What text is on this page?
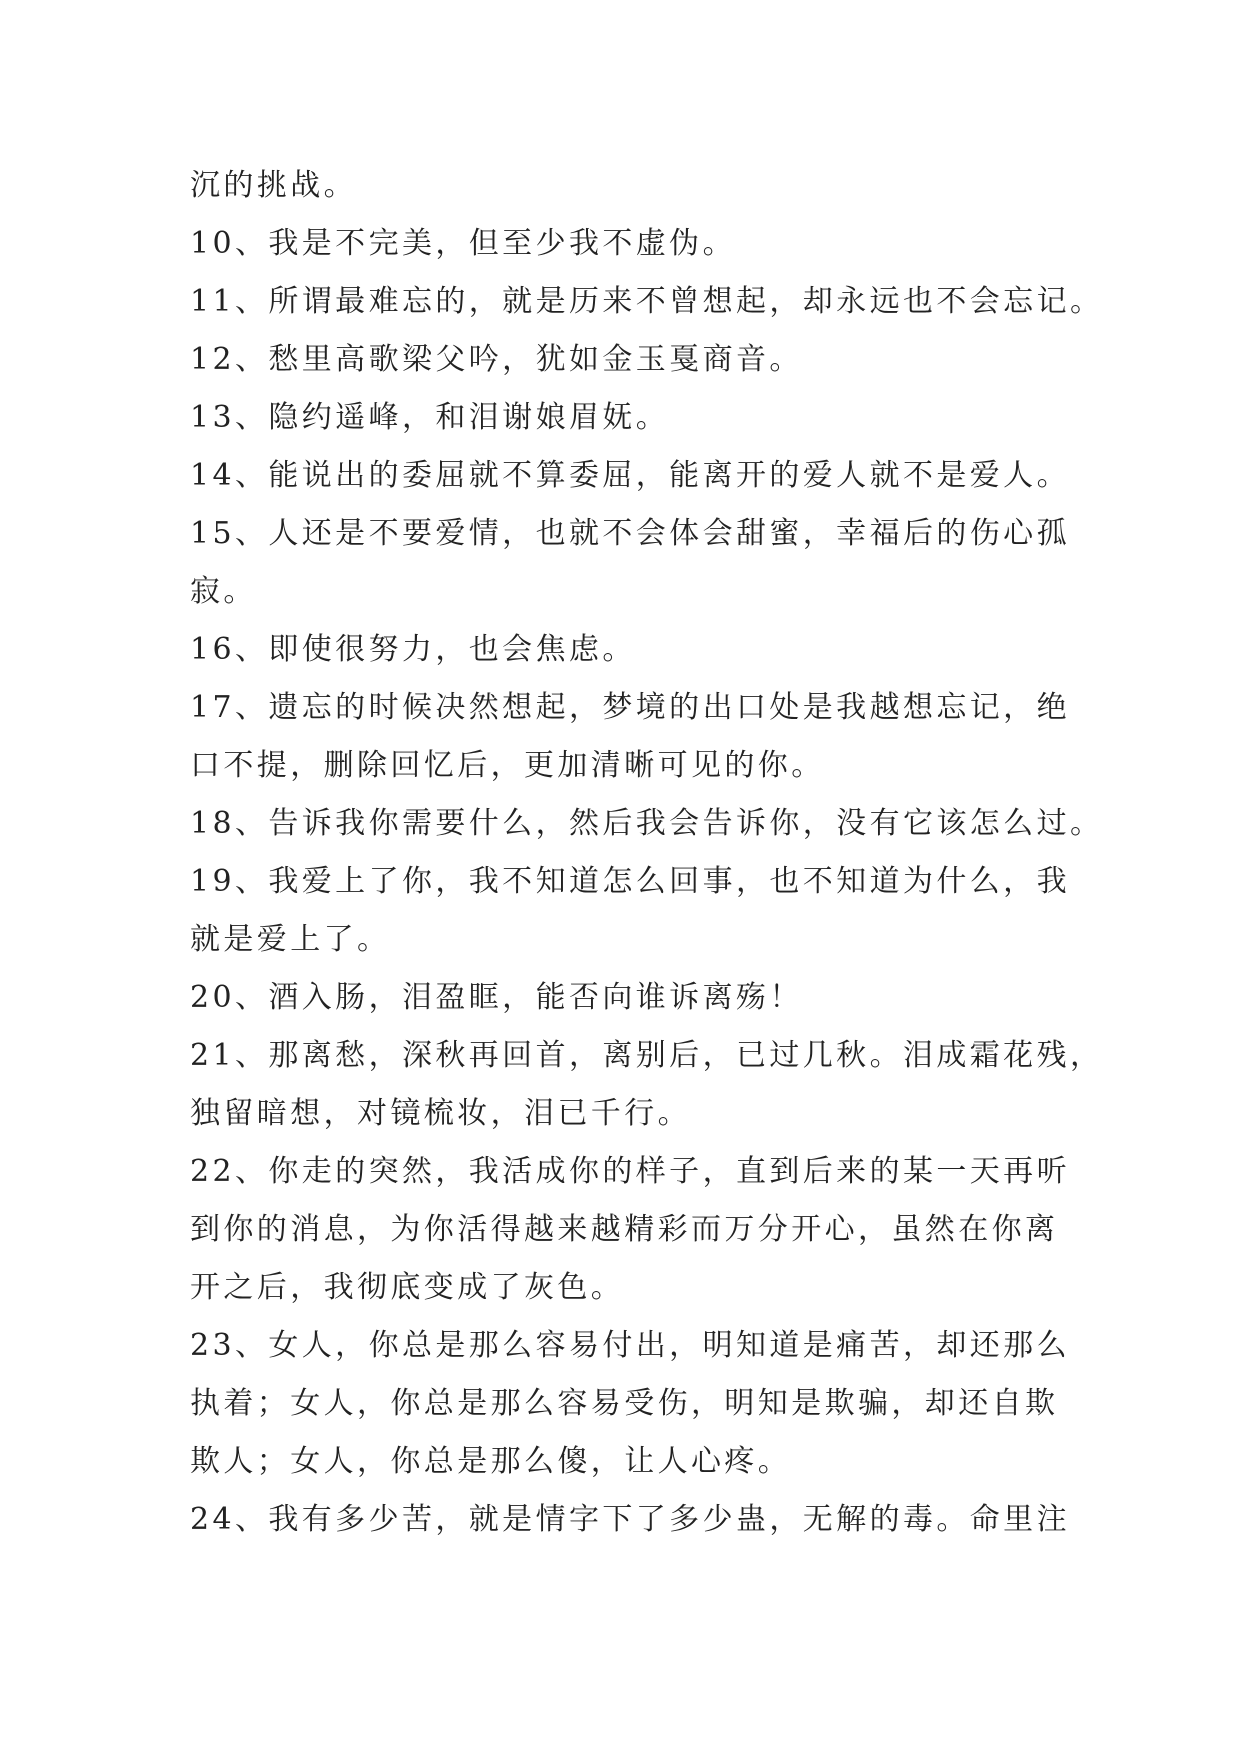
沉的挑战。
10、我是不完美，但至少我不虚伪。
11、所谓最难忘的，就是历来不曾想起，却永远也不会忘记。
12、愁里高歌梁父吟，犹如金玉戛商音。
13、隐约遥峰，和泪谢娘眉妩。
14、能说出的委屈就不算委屈，能离开的爱人就不是爱人。
15、人还是不要爱情，也就不会体会甜蜜，幸福后的伤心孤
寂。
16、即使很努力，也会焦虑。
17、遗忘的时候决然想起，梦境的出口处是我越想忘记，绝
口不提，删除回忆后，更加清晰可见的你。
18、告诉我你需要什么，然后我会告诉你，没有它该怎么过。
19、我爱上了你，我不知道怎么回事，也不知道为什么，我
就是爱上了。
20、酒入肠，泪盈眶，能否向谁诉离殇！
21、那离愁，深秋再回首，离别后，已过几秋。泪成霜花残，
独留暗想，对镜梳妆，泪已千行。
22、你走的突然，我活成你的样子，直到后来的某一天再听
到你的消息，为你活得越来越精彩而万分开心，虽然在你离
开之后，我彻底变成了灰色。
23、女人，你总是那么容易付出，明知道是痛苦，却还那么
执着；女人，你总是那么容易受伤，明知是欺骗，却还自欺
欺人；女人，你总是那么傻，让人心疼。
24、我有多少苦，就是情字下了多少蛊，无解的毒。命里注
